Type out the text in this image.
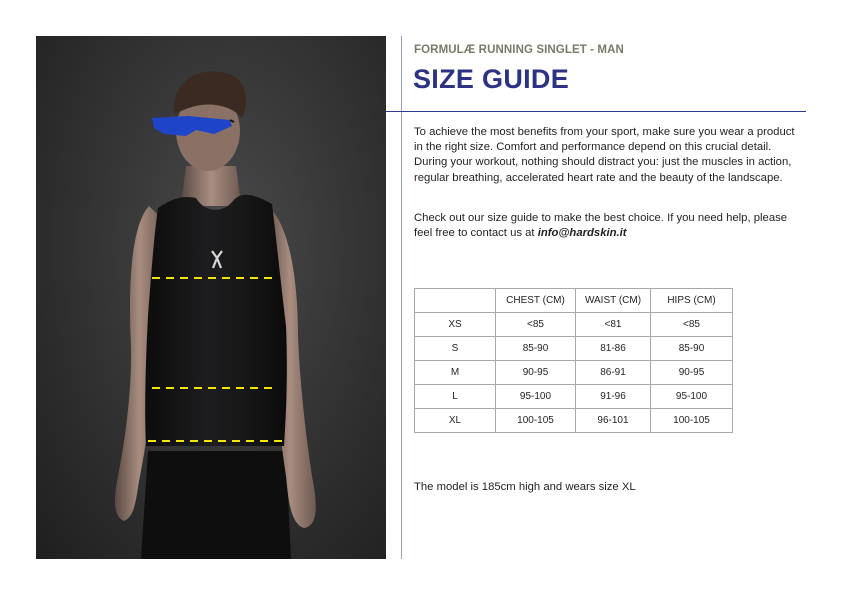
FORMULÆ RUNNING SINGLET - MAN
SIZE GUIDE
To achieve the most benefits from your sport, make sure you wear a product in the right size. Comfort and performance depend on this crucial detail. During your workout, nothing should distract you: just the muscles in action, regular breathing, accelerated heart rate and the beauty of the landscape.
Check out our size guide to make the best choice. If you need help, please feel free to contact us at info@hardskin.it
	CHEST (CM)	WAIST (CM)	HIPS (CM)
XS	<85	<81	<85
S	85-90	81-86	85-90
M	90-95	86-91	90-95
L	95-100	91-96	95-100
XL	100-105	96-101	100-105
The model is 185cm high and wears size XL
